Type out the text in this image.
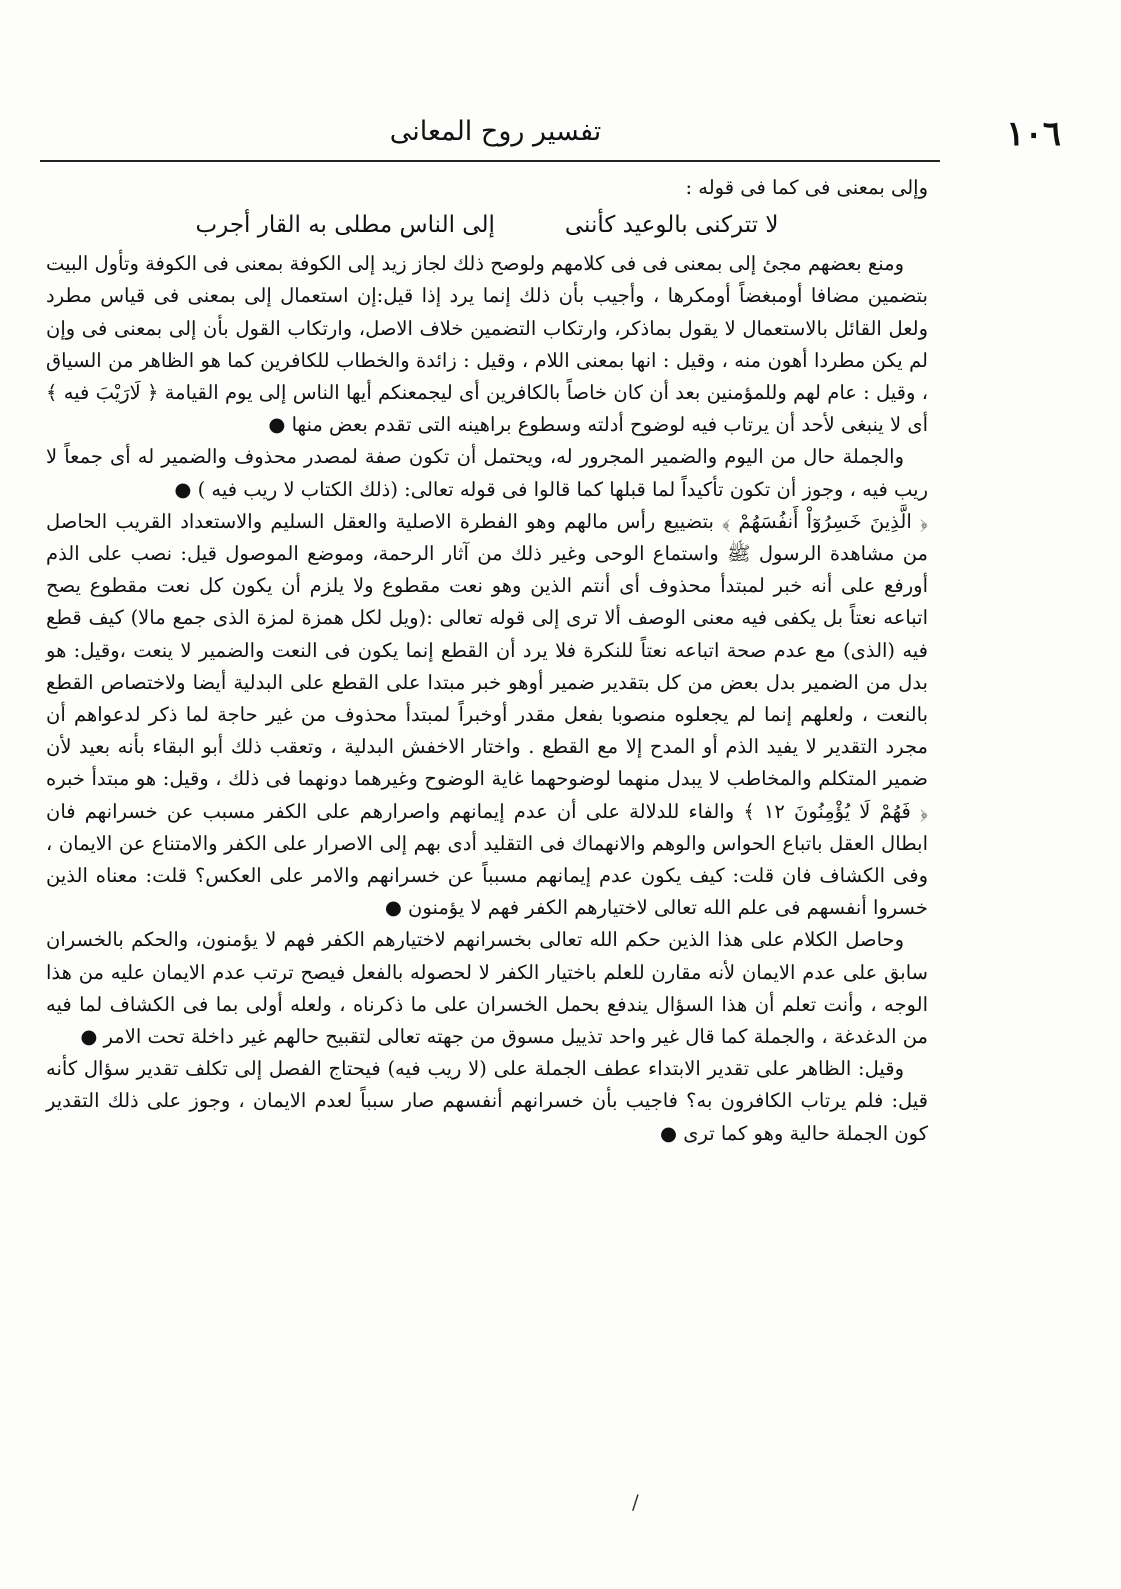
١٠٦
تفسير روح المعانى

وإلى بمعنى فى كما فى قوله :

لا تتركنى بالوعيد كأننى
إلى الناس مطلى به القار أجرب

ومنع بعضهم مجئ إلى بمعنى فى فى كلامهم ولوصح ذلك لجاز زيد إلى الكوفة بمعنى فى الكوفة وتأول البيت بتضمين مضافا أومبغضاً أومكرها ، وأجيب بأن ذلك إنما يرد إذا قيل:إن استعمال إلى بمعنى فى قياس مطرد ولعل القائل بالاستعمال لا يقول بماذكر، وارتكاب التضمين خلاف الاصل، وارتكاب القول بأن إلى بمعنى فى وإن لم يكن مطردا أهون منه ، وقيل : انها بمعنى اللام ، وقيل : زائدة والخطاب للكافرين كما هو الظاهر من السياق ، وقيل : عام لهم وللمؤمنين بعد أن كان خاصاً بالكافرين أى ليجمعنكم أيها الناس إلى يوم القيامة ﴿ لَارَيْبَ فيه ﴾ أى لا ينبغى لأحد أن يرتاب فيه لوضوح أدلته وسطوع براهينه التى تقدم بعض منها ●

والجملة حال من اليوم والضمير المجرور له، ويحتمل أن تكون صفة لمصدر محذوف والضمير له أى جمعاً لا ريب فيه ، وجوز أن تكون تأكيداً لما قبلها كما قالوا فى قوله تعالى: (ذلك الكتاب لا ريب فيه ) ●

﴿ الَّذِينَ خَسِرُوٓاْ أَنفُسَهُمْ ﴾ بتضييع رأس مالهم وهو الفطرة الاصلية والعقل السليم والاستعداد القريب الحاصل من مشاهدة الرسول ﷺ واستماع الوحى وغير ذلك من آثار الرحمة، وموضع الموصول قيل: نصب على الذم أورفع على أنه خبر لمبتدأ محذوف أى أنتم الذين وهو نعت مقطوع ولا يلزم أن يكون كل نعت مقطوع يصح اتباعه نعتاً بل يكفى فيه معنى الوصف ألا ترى إلى قوله تعالى :(ويل لكل همزة لمزة الذى جمع مالا) كيف قطع فيه (الذى) مع عدم صحة اتباعه نعتاً للنكرة فلا يرد أن القطع إنما يكون فى النعت والضمير لا ينعت ،وقيل: هو بدل من الضمير بدل بعض من كل بتقدير ضمير أوهو خبر مبتدا على القطع على البدلية أيضا ولاختصاص القطع بالنعت ، ولعلهم إنما لم يجعلوه منصوبا بفعل مقدر أوخبراً لمبتدأ محذوف من غير حاجة لما ذكر لدعواهم أن مجرد التقدير لا يفيد الذم أو المدح إلا مع القطع . واختار الاخفش البدلية ، وتعقب ذلك أبو البقاء بأنه بعيد لأن ضمير المتكلم والمخاطب لا يبدل منهما لوضوحهما غاية الوضوح وغيرهما دونهما فى ذلك ، وقيل: هو مبتدأ خبره ﴿ فَهُمْ لَا يُؤْمِنُونَ ١٢ ﴾ والفاء للدلالة على أن عدم إيمانهم واصرارهم على الكفر مسبب عن خسرانهم فان ابطال العقل باتباع الحواس والوهم والانهماك فى التقليد أدى بهم إلى الاصرار على الكفر والامتناع عن الايمان ، وفى الكشاف فان قلت: كيف يكون عدم إيمانهم مسبباً عن خسرانهم والامر على العكس؟ قلت: معناه الذين خسروا أنفسهم فى علم الله تعالى لاختيارهم الكفر فهم لا يؤمنون ●

وحاصل الكلام على هذا الذين حكم الله تعالى بخسرانهم لاختيارهم الكفر فهم لا يؤمنون، والحكم بالخسران سابق على عدم الايمان لأنه مقارن للعلم باختيار الكفر لا لحصوله بالفعل فيصح ترتب عدم الايمان عليه من هذا الوجه ، وأنت تعلم أن هذا السؤال يندفع بحمل الخسران على ما ذكرناه ، ولعله أولى بما فى الكشاف لما فيه من الدغدغة ، والجملة كما قال غير واحد تذييل مسوق من جهته تعالى لتقبيح حالهم غير داخلة تحت الامر ●

وقيل: الظاهر على تقدير الابتداء عطف الجملة على (لا ريب فيه) فيحتاج الفصل إلى تكلف تقدير سؤال كأنه قيل: فلم يرتاب الكافرون به؟ فاجيب بأن خسرانهم أنفسهم صار سبباً لعدم الايمان ، وجوز على ذلك التقدير كون الجملة حالية وهو كما ترى ●

/
